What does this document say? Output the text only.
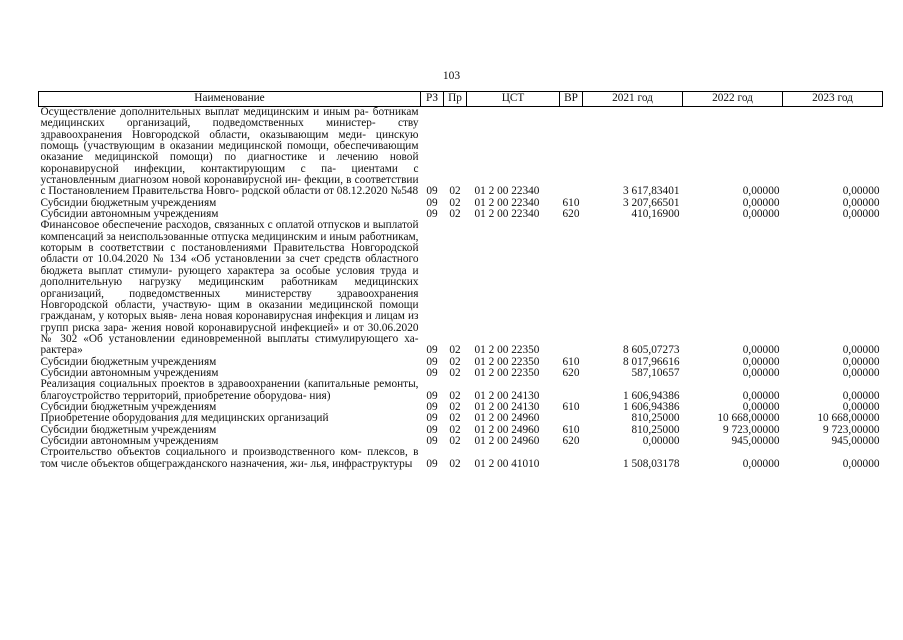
103
Наименование	РЗ	Пр	ЦСТ	ВР	2021 год	2022 год	2023 год
Осуществление дополнительных выплат медицинским и иным ра- ботникам медицинских организаций, подведомственных министер- ству здравоохранения Новгородской области, оказывающим меди- цинскую помощь (участвующим в оказании медицинской помощи, обеспечивающим оказание медицинской помощи) по диагностике и лечению новой коронавирусной инфекции, контактирующим с па- циентами с установленным диагнозом новой коронавирусной ин- фекции, в соответствии с Постановлением Правительства Новго- родской области от 08.12.2020 №548	09	02	01 2 00 22340		3 617,83401	0,00000	0,00000
Субсидии бюджетным учреждениям	09	02	01 2 00 22340	610	3 207,66501	0,00000	0,00000
Субсидии автономным учреждениям	09	02	01 2 00 22340	620	410,16900	0,00000	0,00000
Финансовое обеспечение расходов, связанных с оплатой отпусков и выплатой компенсаций за неиспользованные отпуска медицинским и иным работникам, которым в соответствии с постановлениями Правительства Новгородской области от 10.04.2020 № 134 «Об установлении за счет средств областного бюджета выплат стимули- рующего характера за особые условия труда и дополнительную нагрузку медицинским работникам медицинских организаций, подведомственных министерству здравоохранения Новгородской области, участвую- щим в оказании медицинской помощи гражданам, у которых выяв- лена новая коронавирусная инфекция и лицам из групп риска зара- жения новой коронавирусной инфекцией» и от 30.06.2020 № 302 «Об установлении единовременной выплаты стимулирующего ха- рактера»	09	02	01 2 00 22350		8 605,07273	0,00000	0,00000
Субсидии бюджетным учреждениям	09	02	01 2 00 22350	610	8 017,96616	0,00000	0,00000
Субсидии автономным учреждениям	09	02	01 2 00 22350	620	587,10657	0,00000	0,00000
Реализация социальных проектов в здравоохранении (капитальные ремонты, благоустройство территорий, приобретение оборудова- ния)	09	02	01 2 00 24130		1 606,94386	0,00000	0,00000
Субсидии бюджетным учреждениям	09	02	01 2 00 24130	610	1 606,94386	0,00000	0,00000
Приобретение оборудования для медицинских организаций	09	02	01 2 00 24960		810,25000	10 668,00000	10 668,00000
Субсидии бюджетным учреждениям	09	02	01 2 00 24960	610	810,25000	9 723,00000	9 723,00000
Субсидии автономным учреждениям	09	02	01 2 00 24960	620	0,00000	945,00000	945,00000
Строительство объектов социального и производственного ком- плексов, в том числе объектов общегражданского назначения, жи- лья, инфраструктуры	09	02	01 2 00 41010		1 508,03178	0,00000	0,00000
